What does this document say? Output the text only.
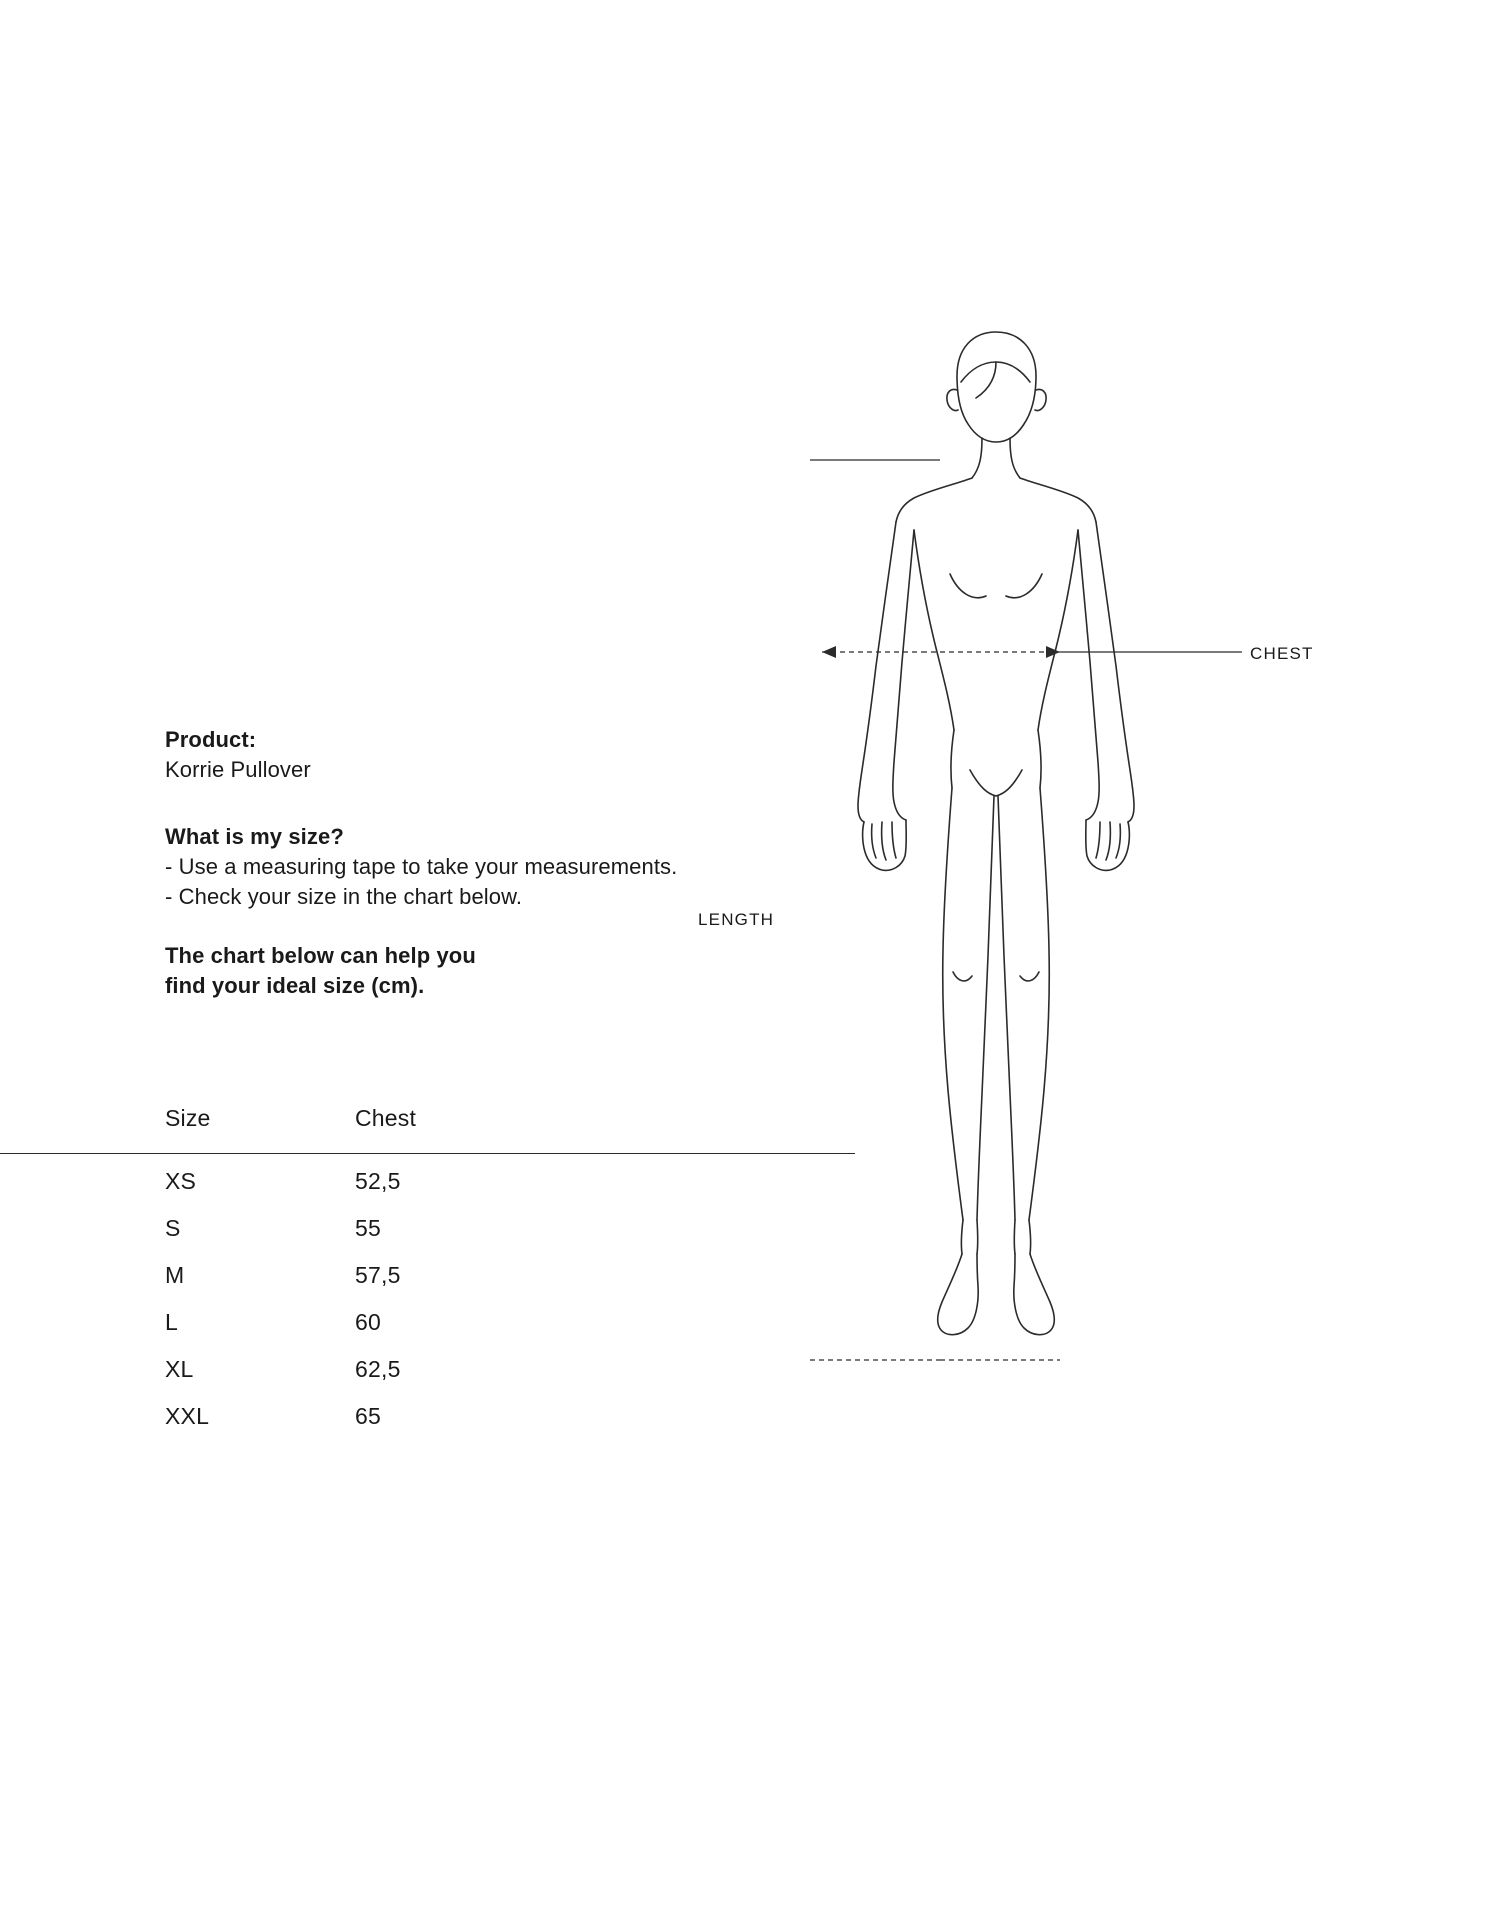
Product:

Korrie Pullover

What is my size?

- Use a measuring tape to take your measurements.

- Check your size in the chart below.

The chart below can help you

find your ideal size (cm).

Size	Chest
XS	52,5
S	55
M	57,5
L	60
XL	62,5
XXL	65
CHEST
LENGTH
